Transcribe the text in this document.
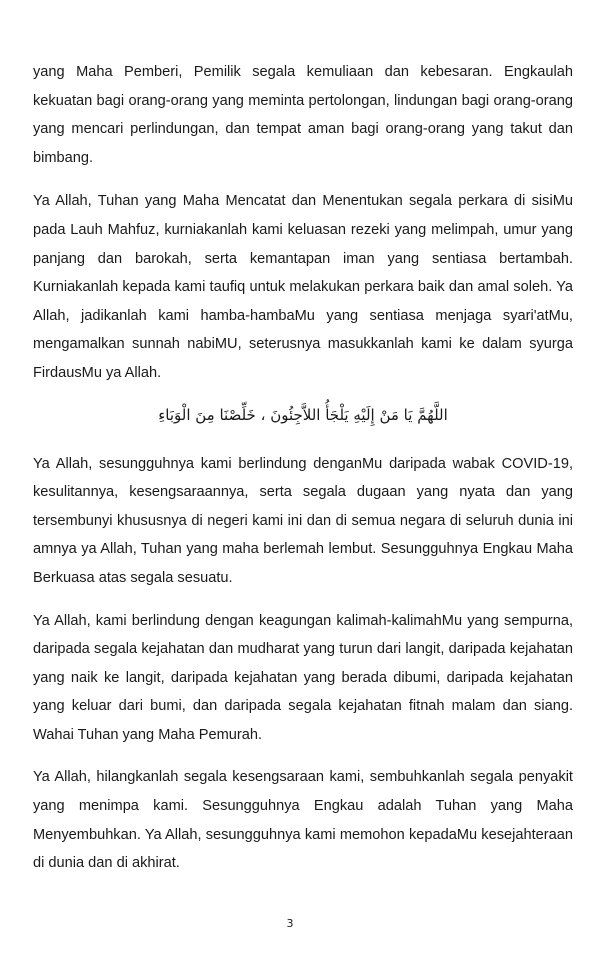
yang Maha Pemberi, Pemilik segala kemuliaan dan kebesaran. Engkaulah kekuatan bagi orang-orang yang meminta pertolongan, lindungan bagi orang-orang yang mencari perlindungan, dan tempat aman bagi orang-orang yang takut dan bimbang.

Ya Allah, Tuhan yang Maha Mencatat dan Menentukan segala perkara di sisiMu pada Lauh Mahfuz, kurniakanlah kami keluasan rezeki yang melimpah, umur yang panjang dan barokah, serta kemantapan iman yang sentiasa bertambah. Kurniakanlah kepada kami taufiq untuk melakukan perkara baik dan amal soleh. Ya Allah, jadikanlah kami hamba-hambaMu yang sentiasa menjaga syari'atMu, mengamalkan sunnah nabiMU, seterusnya masukkanlah kami ke dalam syurga FirdausMu ya Allah.

اللَّهُمَّ يَا مَنْ إِلَيْهِ يَلْجَأُ اللاَّجِئُونَ ، خَلِّصْنَا مِنَ الْوَبَاءِ

Ya Allah, sesungguhnya kami berlindung denganMu daripada wabak COVID-19, kesulitannya, kesengsaraannya, serta segala dugaan yang nyata dan yang tersembunyi khususnya di negeri kami ini dan di semua negara di seluruh dunia ini amnya ya Allah, Tuhan yang maha berlemah lembut. Sesungguhnya Engkau Maha Berkuasa atas segala sesuatu.

Ya Allah, kami berlindung dengan keagungan kalimah-kalimahMu yang sempurna, daripada segala kejahatan dan mudharat yang turun dari langit, daripada kejahatan yang naik ke langit, daripada kejahatan yang berada dibumi, daripada kejahatan yang keluar dari bumi, dan daripada segala kejahatan fitnah malam dan siang. Wahai Tuhan yang Maha Pemurah.

Ya Allah, hilangkanlah segala kesengsaraan kami, sembuhkanlah segala penyakit yang menimpa kami. Sesungguhnya Engkau adalah Tuhan yang Maha Menyembuhkan. Ya Allah, sesungguhnya kami memohon kepadaMu kesejahteraan di dunia dan di akhirat.

3
